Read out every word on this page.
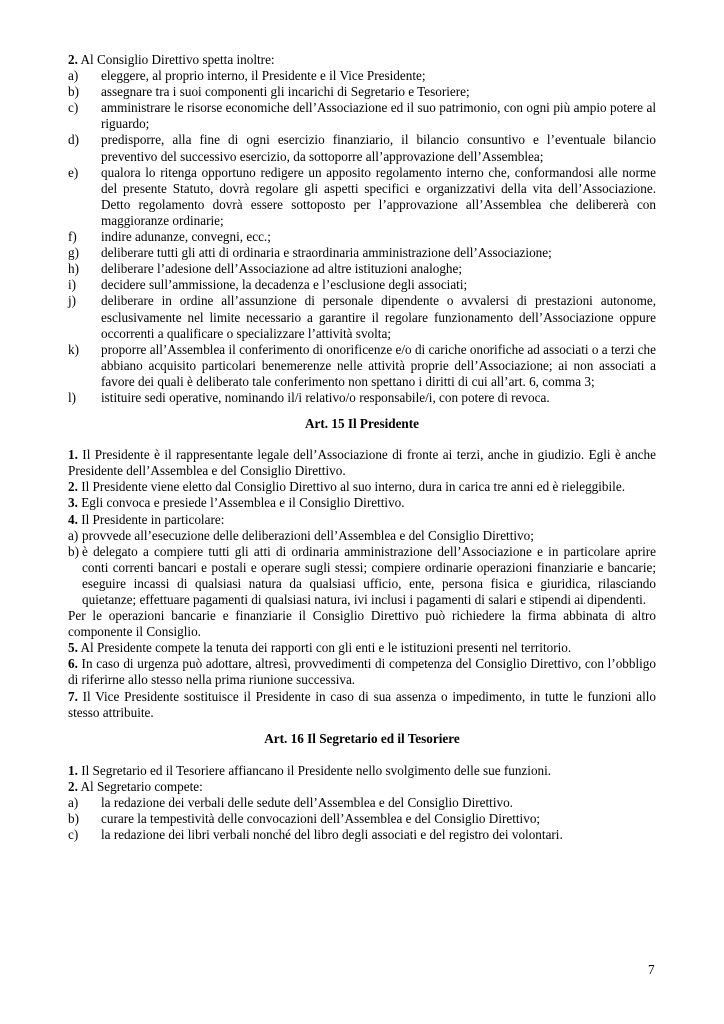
2. Al Consiglio Direttivo spetta inoltre:

a) eleggere, al proprio interno, il Presidente e il Vice Presidente;
b) assegnare tra i suoi componenti gli incarichi di Segretario e Tesoriere;
c) amministrare le risorse economiche dell’Associazione ed il suo patrimonio, con ogni più ampio potere al riguardo;
d) predisporre, alla fine di ogni esercizio finanziario, il bilancio consuntivo e l’eventuale bilancio preventivo del successivo esercizio, da sottoporre all’approvazione dell’Assemblea;
e) qualora lo ritenga opportuno redigere un apposito regolamento interno che, conformandosi alle norme del presente Statuto, dovrà regolare gli aspetti specifici e organizzativi della vita dell’Associazione. Detto regolamento dovrà essere sottoposto per l’approvazione all’Assemblea che delibererà con maggioranze ordinarie;
f) indire adunanze, convegni, ecc.;
g) deliberare tutti gli atti di ordinaria e straordinaria amministrazione dell’Associazione;
h) deliberare l’adesione dell’Associazione ad altre istituzioni analoghe;
i) decidere sull’ammissione, la decadenza e l’esclusione degli associati;
j) deliberare in ordine all’assunzione di personale dipendente o avvalersi di prestazioni autonome, esclusivamente nel limite necessario a garantire il regolare funzionamento dell’Associazione oppure occorrenti a qualificare o specializzare l’attività svolta;
k) proporre all’Assemblea il conferimento di onorificenze e/o di cariche onorifiche ad associati o a terzi che abbiano acquisito particolari benemerenze nelle attività proprie dell’Associazione; ai non associati a favore dei quali è deliberato tale conferimento non spettano i diritti di cui all’art. 6, comma 3;
l) istituire sedi operative, nominando il/i relativo/o responsabile/i, con potere di revoca.
Art. 15 Il Presidente

1. Il Presidente è il rappresentante legale dell’Associazione di fronte ai terzi, anche in giudizio. Egli è anche Presidente dell’Assemblea e del Consiglio Direttivo.

2. Il Presidente viene eletto dal Consiglio Direttivo al suo interno, dura in carica tre anni ed è rieleggibile.

3. Egli convoca e presiede l’Assemblea e il Consiglio Direttivo.

4. Il Presidente in particolare:

a) provvede all’esecuzione delle deliberazioni dell’Assemblea e del Consiglio Direttivo;
b) è delegato a compiere tutti gli atti di ordinaria amministrazione dell’Associazione e in particolare aprire conti correnti bancari e postali e operare sugli stessi; compiere ordinarie operazioni finanziarie e bancarie; eseguire incassi di qualsiasi natura da qualsiasi ufficio, ente, persona fisica e giuridica, rilasciando quietanze; effettuare pagamenti di qualsiasi natura, ivi inclusi i pagamenti di salari e stipendi ai dipendenti.

Per le operazioni bancarie e finanziarie il Consiglio Direttivo può richiedere la firma abbinata di altro componente il Consiglio.

5. Al Presidente compete la tenuta dei rapporti con gli enti e le istituzioni presenti nel territorio.

6. In caso di urgenza può adottare, altresì, provvedimenti di competenza del Consiglio Direttivo, con l’obbligo di riferirne allo stesso nella prima riunione successiva.

7. Il Vice Presidente sostituisce il Presidente in caso di sua assenza o impedimento, in tutte le funzioni allo stesso attribuite.

Art. 16 Il Segretario ed il Tesoriere

1. Il Segretario ed il Tesoriere affiancano il Presidente nello svolgimento delle sue funzioni.

2. Al Segretario compete:

a) la redazione dei verbali delle sedute dell’Assemblea e del Consiglio Direttivo.
b) curare la tempestività delle convocazioni dell’Assemblea e del Consiglio Direttivo;
c) la redazione dei libri verbali nonché del libro degli associati e del registro dei volontari.
7
